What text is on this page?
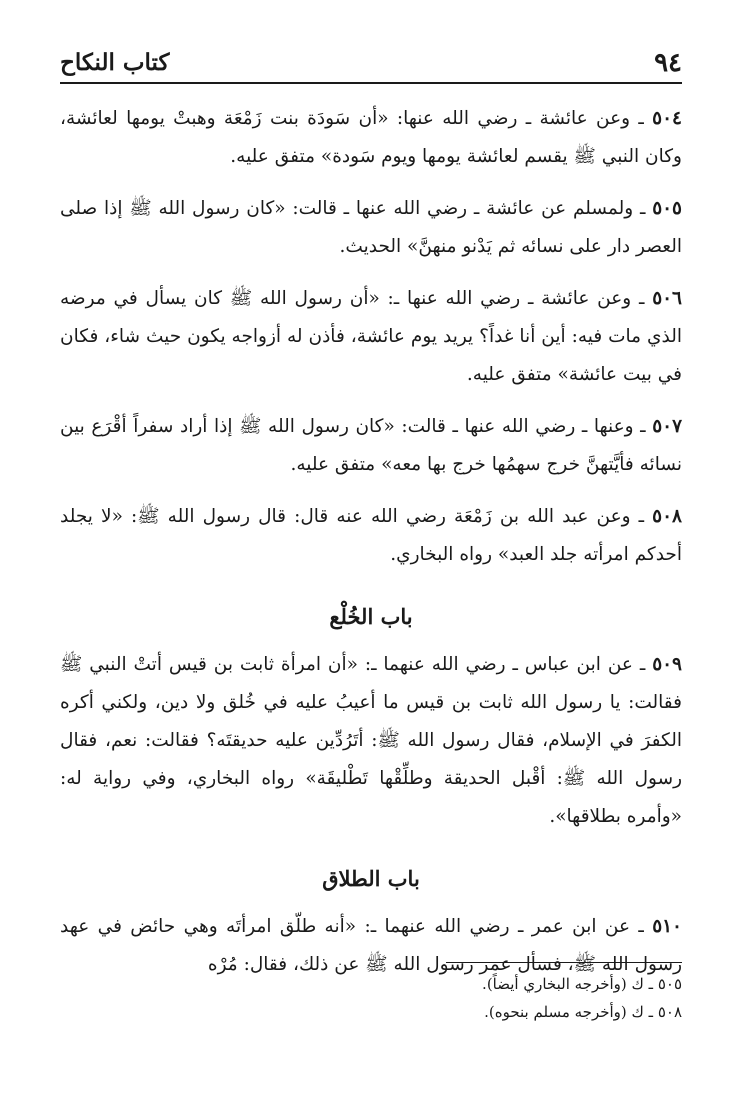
٩٤
كتاب النكاح

٥٠٤ ـ وعن عائشة ـ رضي الله عنها: «أن سَودَة بنت زَمْعَة وهبتْ يومها لعائشة، وكان النبي ﷺ يقسم لعائشة يومها ويوم سَودة» متفق عليه.

٥٠٥ ـ ولمسلم عن عائشة ـ رضي الله عنها ـ قالت: «كان رسول الله ﷺ إذا صلى العصر دار على نسائه ثم يَدْنو منهنَّ» الحديث.

٥٠٦ ـ وعن عائشة ـ رضي الله عنها ـ: «أن رسول الله ﷺ كان يسأل في مرضه الذي مات فيه: أين أنا غداً؟ يريد يوم عائشة، فأذن له أزواجه يكون حيث شاء، فكان في بيت عائشة» متفق عليه.

٥٠٧ ـ وعنها ـ رضي الله عنها ـ قالت: «كان رسول الله ﷺ إذا أراد سفراً أقْرَع بين نسائه فأيَّتهنَّ خرج سهمُها خرج بها معه» متفق عليه.

٥٠٨ ـ وعن عبد الله بن زَمْعَة رضي الله عنه قال: قال رسول الله ﷺ: «لا يجلد أحدكم امرأته جلد العبد» رواه البخاري.

باب الخُلْع

٥٠٩ ـ عن ابن عباس ـ رضي الله عنهما ـ: «أن امرأة ثابت بن قيس أتتْ النبي ﷺ فقالت: يا رسول الله ثابت بن قيس ما أعيبُ عليه في خُلق ولا دين، ولكني أكره الكفرَ في الإسلام، فقال رسول الله ﷺ: أتَرُدِّين عليه حديقتَه؟ فقالت: نعم، فقال رسول الله ﷺ: أقْبل الحديقة وطلِّقْها تَطْليقَة» رواه البخاري، وفي رواية له: «وأمره بطلاقها».

باب الطلاق

٥١٠ ـ عن ابن عمر ـ رضي الله عنهما ـ: «أنه طلّق امرأتَه وهي حائض في عهد رسول الله ﷺ، فسأل عمر رسول الله ﷺ عن ذلك، فقال: مُرْه

٥٠٥ ـ ك (وأخرجه البخاري أيضاً).

٥٠٨ ـ ك (وأخرجه مسلم بنحوه).
